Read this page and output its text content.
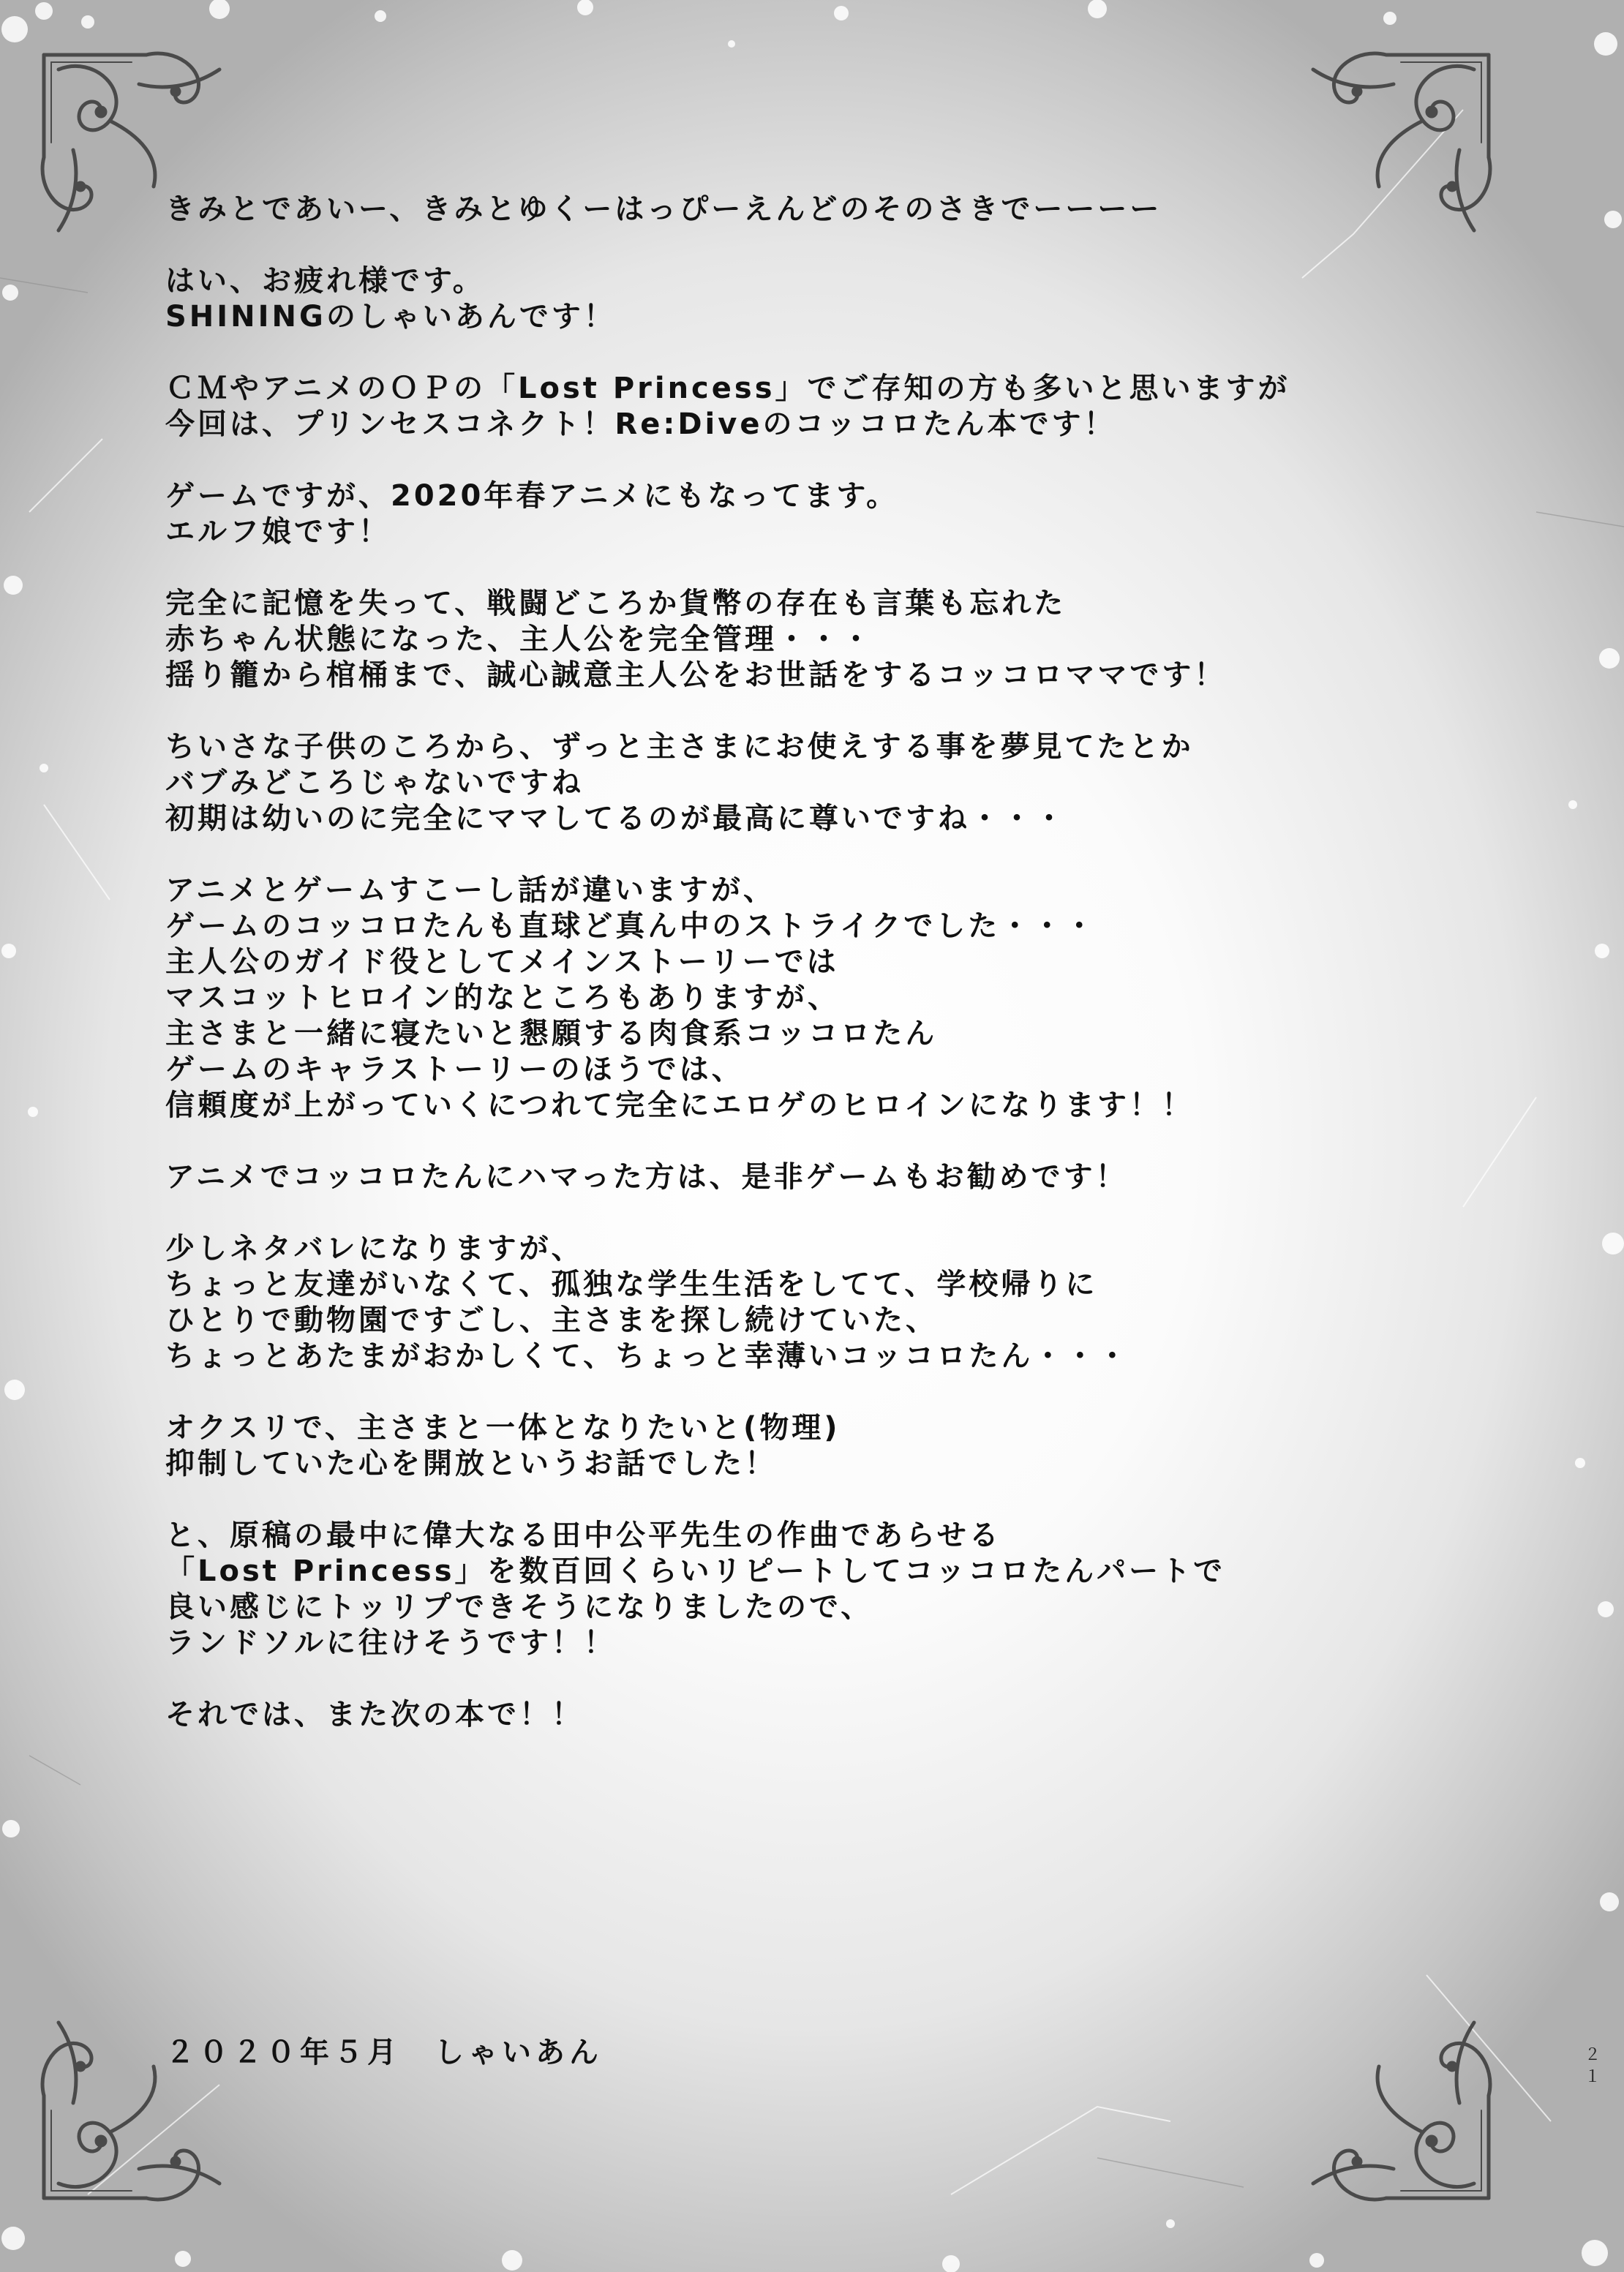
きみとであいー、きみとゆくーはっぴーえんどのそのさきでーーーー
はい、お疲れ様です。
SHININGのしゃいあんです！
ＣＭやアニメのＯＰの「Lost Princess」でご存知の方も多いと思いますが
今回は、プリンセスコネクト！Re:Diveのコッコロたん本です！
ゲームですが、2020年春アニメにもなってます。
エルフ娘です！
完全に記憶を失って、戦闘どころか貨幣の存在も言葉も忘れた
赤ちゃん状態になった、主人公を完全管理・・・
揺り籠から棺桶まで、誠心誠意主人公をお世話をするコッコロママです！
ちいさな子供のころから、ずっと主さまにお使えする事を夢見てたとか
バブみどころじゃないですね
初期は幼いのに完全にママしてるのが最高に尊いですね・・・
アニメとゲームすこーし話が違いますが、
ゲームのコッコロたんも直球ど真ん中のストライクでした・・・
主人公のガイド役としてメインストーリーでは
マスコットヒロイン的なところもありますが、
主さまと一緒に寝たいと懇願する肉食系コッコロたん
ゲームのキャラストーリーのほうでは、
信頼度が上がっていくにつれて完全にエロゲのヒロインになります！！
アニメでコッコロたんにハマった方は、是非ゲームもお勧めです！
少しネタバレになりますが、
ちょっと友達がいなくて、孤独な学生生活をしてて、学校帰りに
ひとりで動物園ですごし、主さまを探し続けていた、
ちょっとあたまがおかしくて、ちょっと幸薄いコッコロたん・・・
オクスリで、主さまと一体となりたいと(物理)
抑制していた心を開放というお話でした！
と、原稿の最中に偉大なる田中公平先生の作曲であらせる
「Lost Princess」を数百回くらいリピートしてコッコロたんパートで
良い感じにトッリプできそうになりましたので、
ランドソルに往けそうです！！
それでは、また次の本で！！
２０２０年５月　しゃいあん	２
１
